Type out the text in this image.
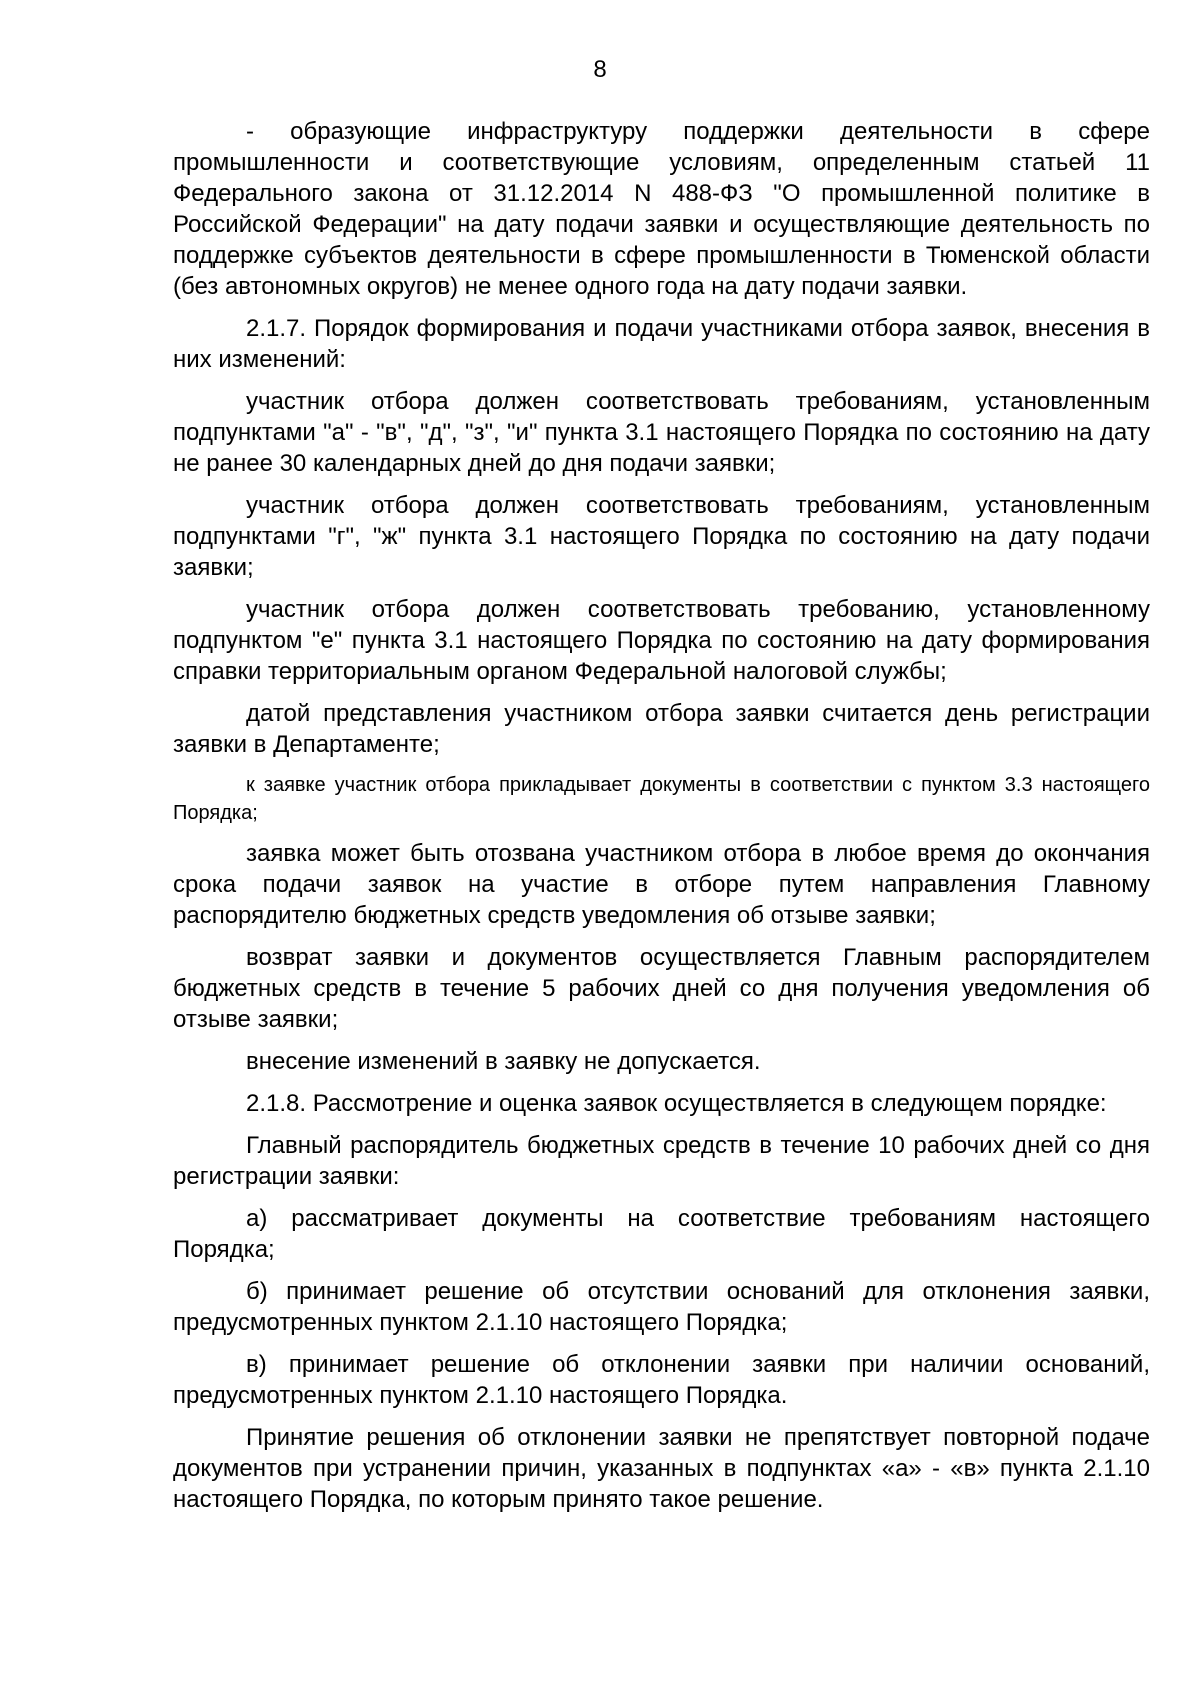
8

- образующие инфраструктуру поддержки деятельности в сфере промышленности и соответствующие условиям, определенным статьей 11 Федерального закона от 31.12.2014 N 488-ФЗ "О промышленной политике в Российской Федерации" на дату подачи заявки и осуществляющие деятельность по поддержке субъектов деятельности в сфере промышленности в Тюменской области (без автономных округов) не менее одного года на дату подачи заявки.

2.1.7. Порядок формирования и подачи участниками отбора заявок, внесения в них изменений:

участник отбора должен соответствовать требованиям, установленным подпунктами "а" - "в", "д", "з", "и" пункта 3.1 настоящего Порядка по состоянию на дату не ранее 30 календарных дней до дня подачи заявки;

участник отбора должен соответствовать требованиям, установленным подпунктами "г", "ж" пункта 3.1 настоящего Порядка по состоянию на дату подачи заявки;

участник отбора должен соответствовать требованию, установленному подпунктом "е" пункта 3.1 настоящего Порядка по состоянию на дату формирования справки территориальным органом Федеральной налоговой службы;

датой представления участником отбора заявки считается день регистрации заявки в Департаменте;

к заявке участник отбора прикладывает документы в соответствии с пунктом 3.3 настоящего Порядка;

заявка может быть отозвана участником отбора в любое время до окончания срока подачи заявок на участие в отборе путем направления Главному распорядителю бюджетных средств уведомления об отзыве заявки;

возврат заявки и документов осуществляется Главным распорядителем бюджетных средств в течение 5 рабочих дней со дня получения уведомления об отзыве заявки;

внесение изменений в заявку не допускается.

2.1.8. Рассмотрение и оценка заявок осуществляется в следующем порядке:

Главный распорядитель бюджетных средств в течение 10 рабочих дней со дня регистрации заявки:

а) рассматривает документы на соответствие требованиям настоящего Порядка;

б) принимает решение об отсутствии оснований для отклонения заявки, предусмотренных пунктом 2.1.10 настоящего Порядка;

в) принимает решение об отклонении заявки при наличии оснований, предусмотренных пунктом 2.1.10 настоящего Порядка.

Принятие решения об отклонении заявки не препятствует повторной подаче документов при устранении причин, указанных в подпунктах «а» - «в» пункта 2.1.10 настоящего Порядка, по которым принято такое решение.
